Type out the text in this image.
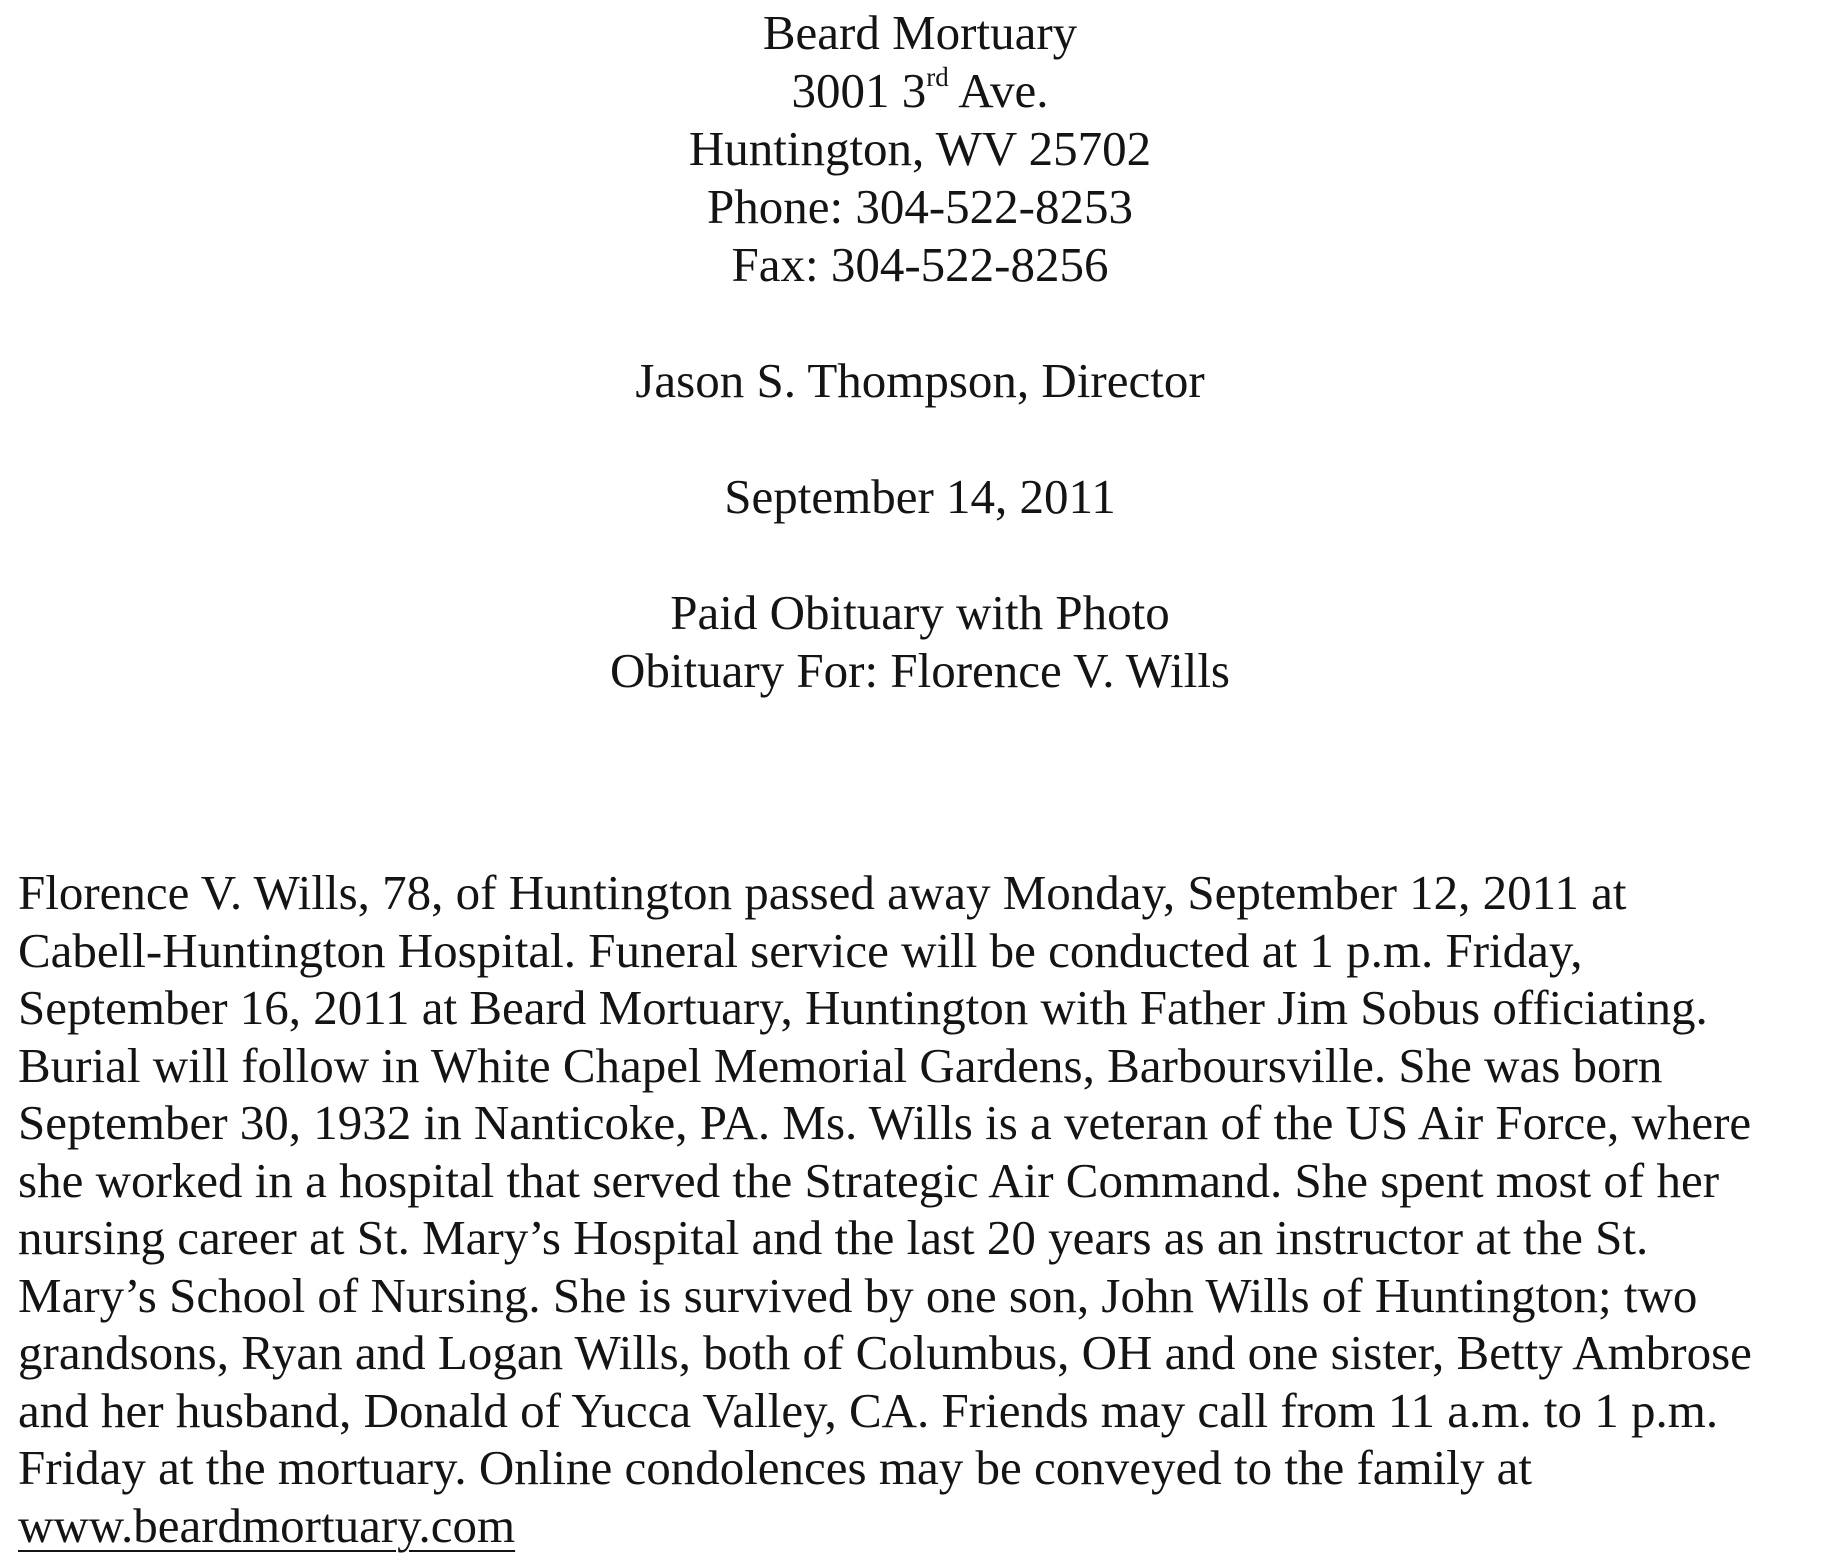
Beard Mortuary
3001 3rd Ave.
Huntington, WV 25702
Phone: 304-522-8253
Fax: 304-522-8256
Jason S. Thompson, Director
September 14, 2011
Paid Obituary with Photo
Obituary For: Florence V. Wills
Florence V. Wills, 78, of Huntington passed away Monday, September 12, 2011 at
Cabell-Huntington Hospital. Funeral service will be conducted at 1 p.m. Friday,
September 16, 2011 at Beard Mortuary, Huntington with Father Jim Sobus officiating.
Burial will follow in White Chapel Memorial Gardens, Barboursville. She was born
September 30, 1932 in Nanticoke, PA. Ms. Wills is a veteran of the US Air Force, where
she worked in a hospital that served the Strategic Air Command. She spent most of her
nursing career at St. Mary’s Hospital and the last 20 years as an instructor at the St.
Mary’s School of Nursing. She is survived by one son, John Wills of Huntington; two
grandsons, Ryan and Logan Wills, both of Columbus, OH and one sister, Betty Ambrose
and her husband, Donald of Yucca Valley, CA. Friends may call from 11 a.m. to 1 p.m.
Friday at the mortuary. Online condolences may be conveyed to the family at
www.beardmortuary.com
